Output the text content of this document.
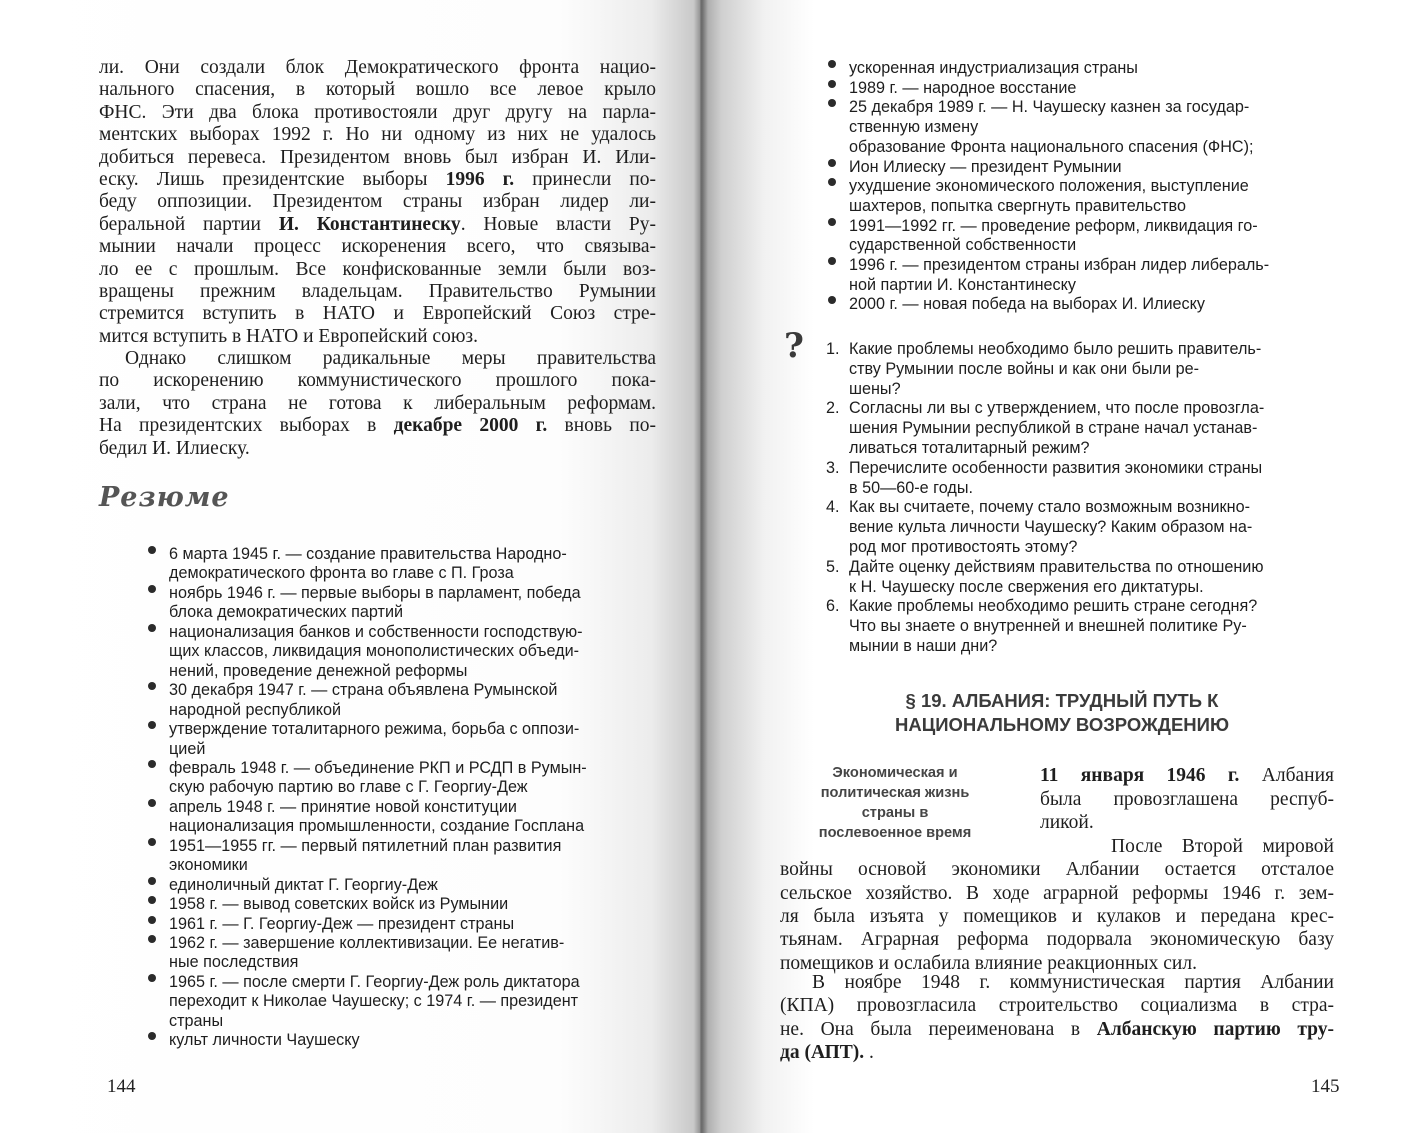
ли. Они создали блок Демократического фронта нацио-
нального спасения, в который вошло все левое крыло
ФНС. Эти два блока противостояли друг другу на парла-
ментских выборах 1992 г. Но ни одному из них не удалось
добиться перевеса. Президентом вновь был избран И. Или-
еску. Лишь президентские выборы 1996 г. принесли по-
беду оппозиции. Президентом страны избран лидер ли-
беральной партии И. Константинеску. Новые власти Ру-
мынии начали процесс искоренения всего, что связыва-
ло ее с прошлым. Все конфискованные земли были воз-
вращены прежним владельцам. Правительство Румынии
стремится вступить в НАТО и Европейский Союз стре-
мится вступить в НАТО и Европейский союз.
Однако слишком радикальные меры правительства
по искоренению коммунистического прошлого пока-
зали, что страна не готова к либеральным реформам.
На президентских выборах в декабре 2000 г. вновь по-
бедил И. Илиеску.
Резюме
6 марта 1945 г. — создание правительства Народно-
демократического фронта во главе с П. Гроза
ноябрь 1946 г. — первые выборы в парламент, победа
блока демократических партий
национализация банков и собственности господствую-
щих классов, ликвидация монополистических объеди-
нений, проведение денежной реформы
30 декабря 1947 г. — страна объявлена Румынской
народной республикой
утверждение тоталитарного режима, борьба с оппози-
цией
февраль 1948 г. — объединение РКП и РСДП в Румын-
скую рабочую партию во главе с Г. Георгиу-Деж
апрель 1948 г. — принятие новой конституции
национализация промышленности, создание Госплана
1951—1955 гг. — первый пятилетний план развития
экономики
единоличный диктат Г. Георгиу-Деж
1958 г. — вывод советских войск из Румынии
1961 г. — Г. Георгиу-Деж — президент страны
1962 г. — завершение коллективизации. Ее негатив-
ные последствия
1965 г. — после смерти Г. Георгиу-Деж роль диктатора
переходит к Николае Чаушеску; с 1974 г. — президент
страны
культ личности Чаушеску
144
ускоренная индустриализация страны
1989 г. — народное восстание
25 декабря 1989 г. — Н. Чаушеску казнен за государ-
ственную измену
образование Фронта национального спасения (ФНС);
Ион Илиеску — президент Румынии
ухудшение экономического положения, выступление
шахтеров, попытка свергнуть правительство
1991—1992 гг. — проведение реформ, ликвидация го-
сударственной собственности
1996 г. — президентом страны избран лидер либераль-
ной партии И. Константинеску
2000 г. — новая победа на выборах И. Илиеску
? 1. Какие проблемы необходимо было решить правитель-
ству Румынии после войны и как они были ре-
шены?
2. Согласны ли вы с утверждением, что после провозгла-
шения Румынии республикой в стране начал устанав-
ливаться тоталитарный режим?
3. Перечислите особенности развития экономики страны
в 50—60-е годы.
4. Как вы считаете, почему стало возможным возникно-
вение культа личности Чаушеску? Каким образом на-
род мог противостоять этому?
5. Дайте оценку действиям правительства по отношению
к Н. Чаушеску после свержения его диктатуры.
6. Какие проблемы необходимо решить стране сегодня?
Что вы знаете о внутренней и внешней политике Ру-
мынии в наши дни?
§ 19. АЛБАНИЯ: ТРУДНЫЙ ПУТЬ К
НАЦИОНАЛЬНОМУ ВОЗРОЖДЕНИЮ
Экономическая и
политическая жизнь
страны в
послевоенное время
11 января 1946 г. Албания
была провозглашена респуб-
ликой.
После Второй мировой
войны основой экономики Албании остается отсталое
сельское хозяйство. В ходе аграрной реформы 1946 г. зем-
ля была изъята у помещиков и кулаков и передана крес-
тьянам. Аграрная реформа подорвала экономическую базу
помещиков и ослабила влияние реакционных сил.
В ноябре 1948 г. коммунистическая партия Албании
(КПА) провозгласила строительство социализма в стра-
не. Она была переименована в Албанскую партию тру-
да (АПТ). .
145
